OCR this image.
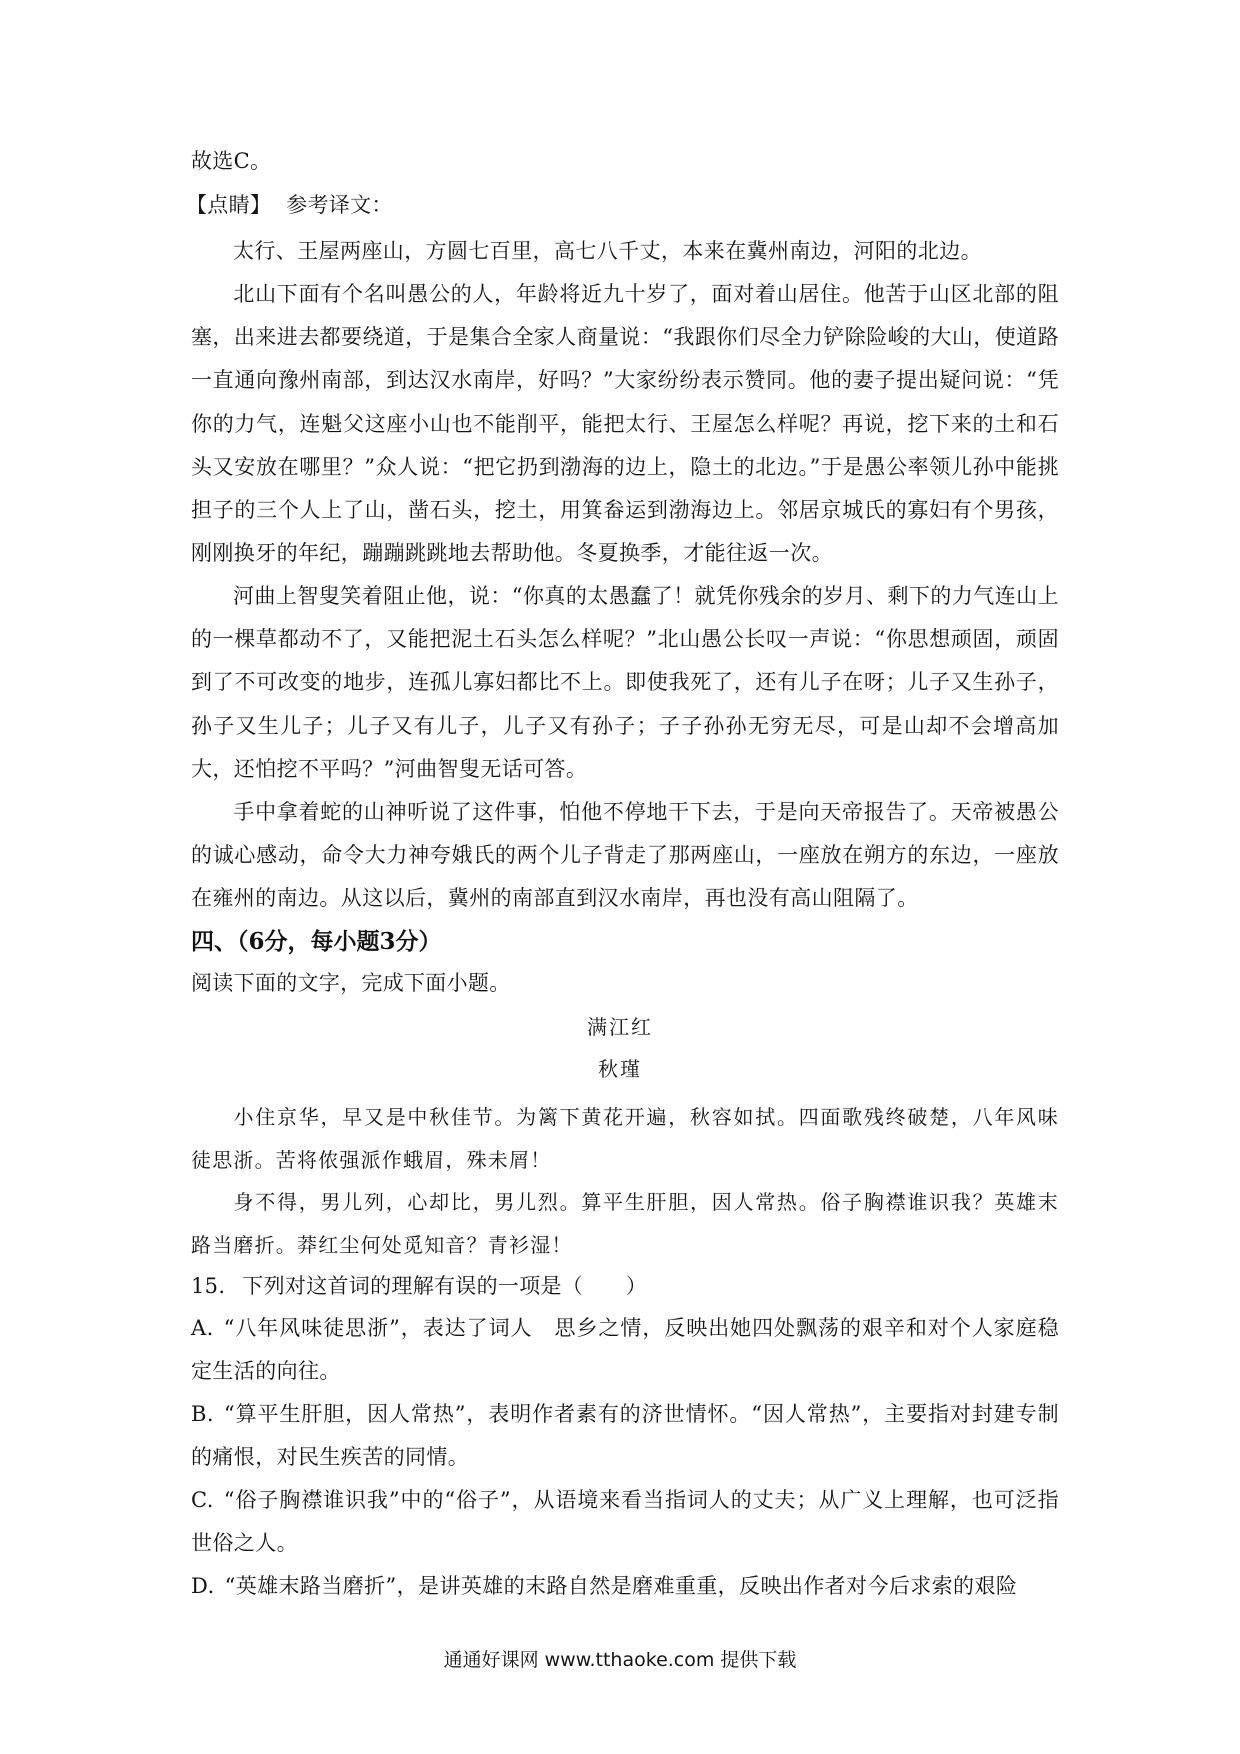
故选C。
【点睛】 参考译文：
太行、王屋两座山，方圆七百里，高七八千丈，本来在冀州南边，河阳的北边。
北山下面有个名叫愚公的人，年龄将近九十岁了，面对着山居住。他苦于山区北部的阻塞，出来进去都要绕道，于是集合全家人商量说：“我跟你们尽全力铲除险峻的大山，使道路一直通向豫州南部，到达汉水南岸，好吗？”大家纷纷表示赞同。他的妻子提出疑问说：“凭你的力气，连魁父这座小山也不能削平，能把太行、王屋怎么样呢？再说，挖下来的土和石头又安放在哪里？”众人说：“把它扔到渤海的边上，隐土的北边。”于是愚公率领儿孙中能挑担子的三个人上了山，凿石头，挖土，用箕畚运到渤海边上。邻居京城氏的寡妇有个男孩，刚刚换牙的年纪，蹦蹦跳跳地去帮助他。冬夏换季，才能往返一次。
河曲上智叟笑着阻止他，说：“你真的太愚蠢了！就凭你残余的岁月、剩下的力气连山上的一棵草都动不了，又能把泥土石头怎么样呢？”北山愚公长叹一声说：“你思想顽固，顽固到了不可改变的地步，连孤儿寡妇都比不上。即使我死了，还有儿子在呀；儿子又生孙子，孙子又生儿子；儿子又有儿子，儿子又有孙子；子子孙孙无穷无尽，可是山却不会增高加大，还怕挖不平吗？”河曲智叟无话可答。
手中拿着蛇的山神听说了这件事，怕他不停地干下去，于是向天帝报告了。天帝被愚公的诚心感动，命令大力神夸娥氏的两个儿子背走了那两座山，一座放在朔方的东边，一座放在雍州的南边。从这以后，冀州的南部直到汉水南岸，再也没有高山阻隔了。
四、（6分，每小题3分）
阅读下面的文字，完成下面小题。
满江红
秋瑾
小住京华，早又是中秋佳节。为篱下黄花开遍，秋容如拭。四面歌残终破楚，八年风味徒思浙。苦将侬强派作蛾眉，殊未屑！
身不得，男儿列，心却比，男儿烈。算平生肝胆，因人常热。俗子胸襟谁识我？英雄末路当磨折。莽红尘何处觅知音？青衫湿！
15. 下列对这首词的理解有误的一项是（　　）
A. “八年风味徒思浙”，表达了词人　思乡之情，反映出她四处飘荡的艰辛和对个人家庭稳定生活的向往。
B. “算平生肝胆，因人常热”，表明作者素有的济世情怀。“因人常热”，主要指对封建专制的痛恨，对民生疾苦的同情。
C. “俗子胸襟谁识我”中的“俗子”，从语境来看当指词人的丈夫；从广义上理解，也可泛指世俗之人。
D. “英雄末路当磨折”，是讲英雄的末路自然是磨难重重，反映出作者对今后求索的艰险
通通好课网 www.tthaoke.com 提供下载
